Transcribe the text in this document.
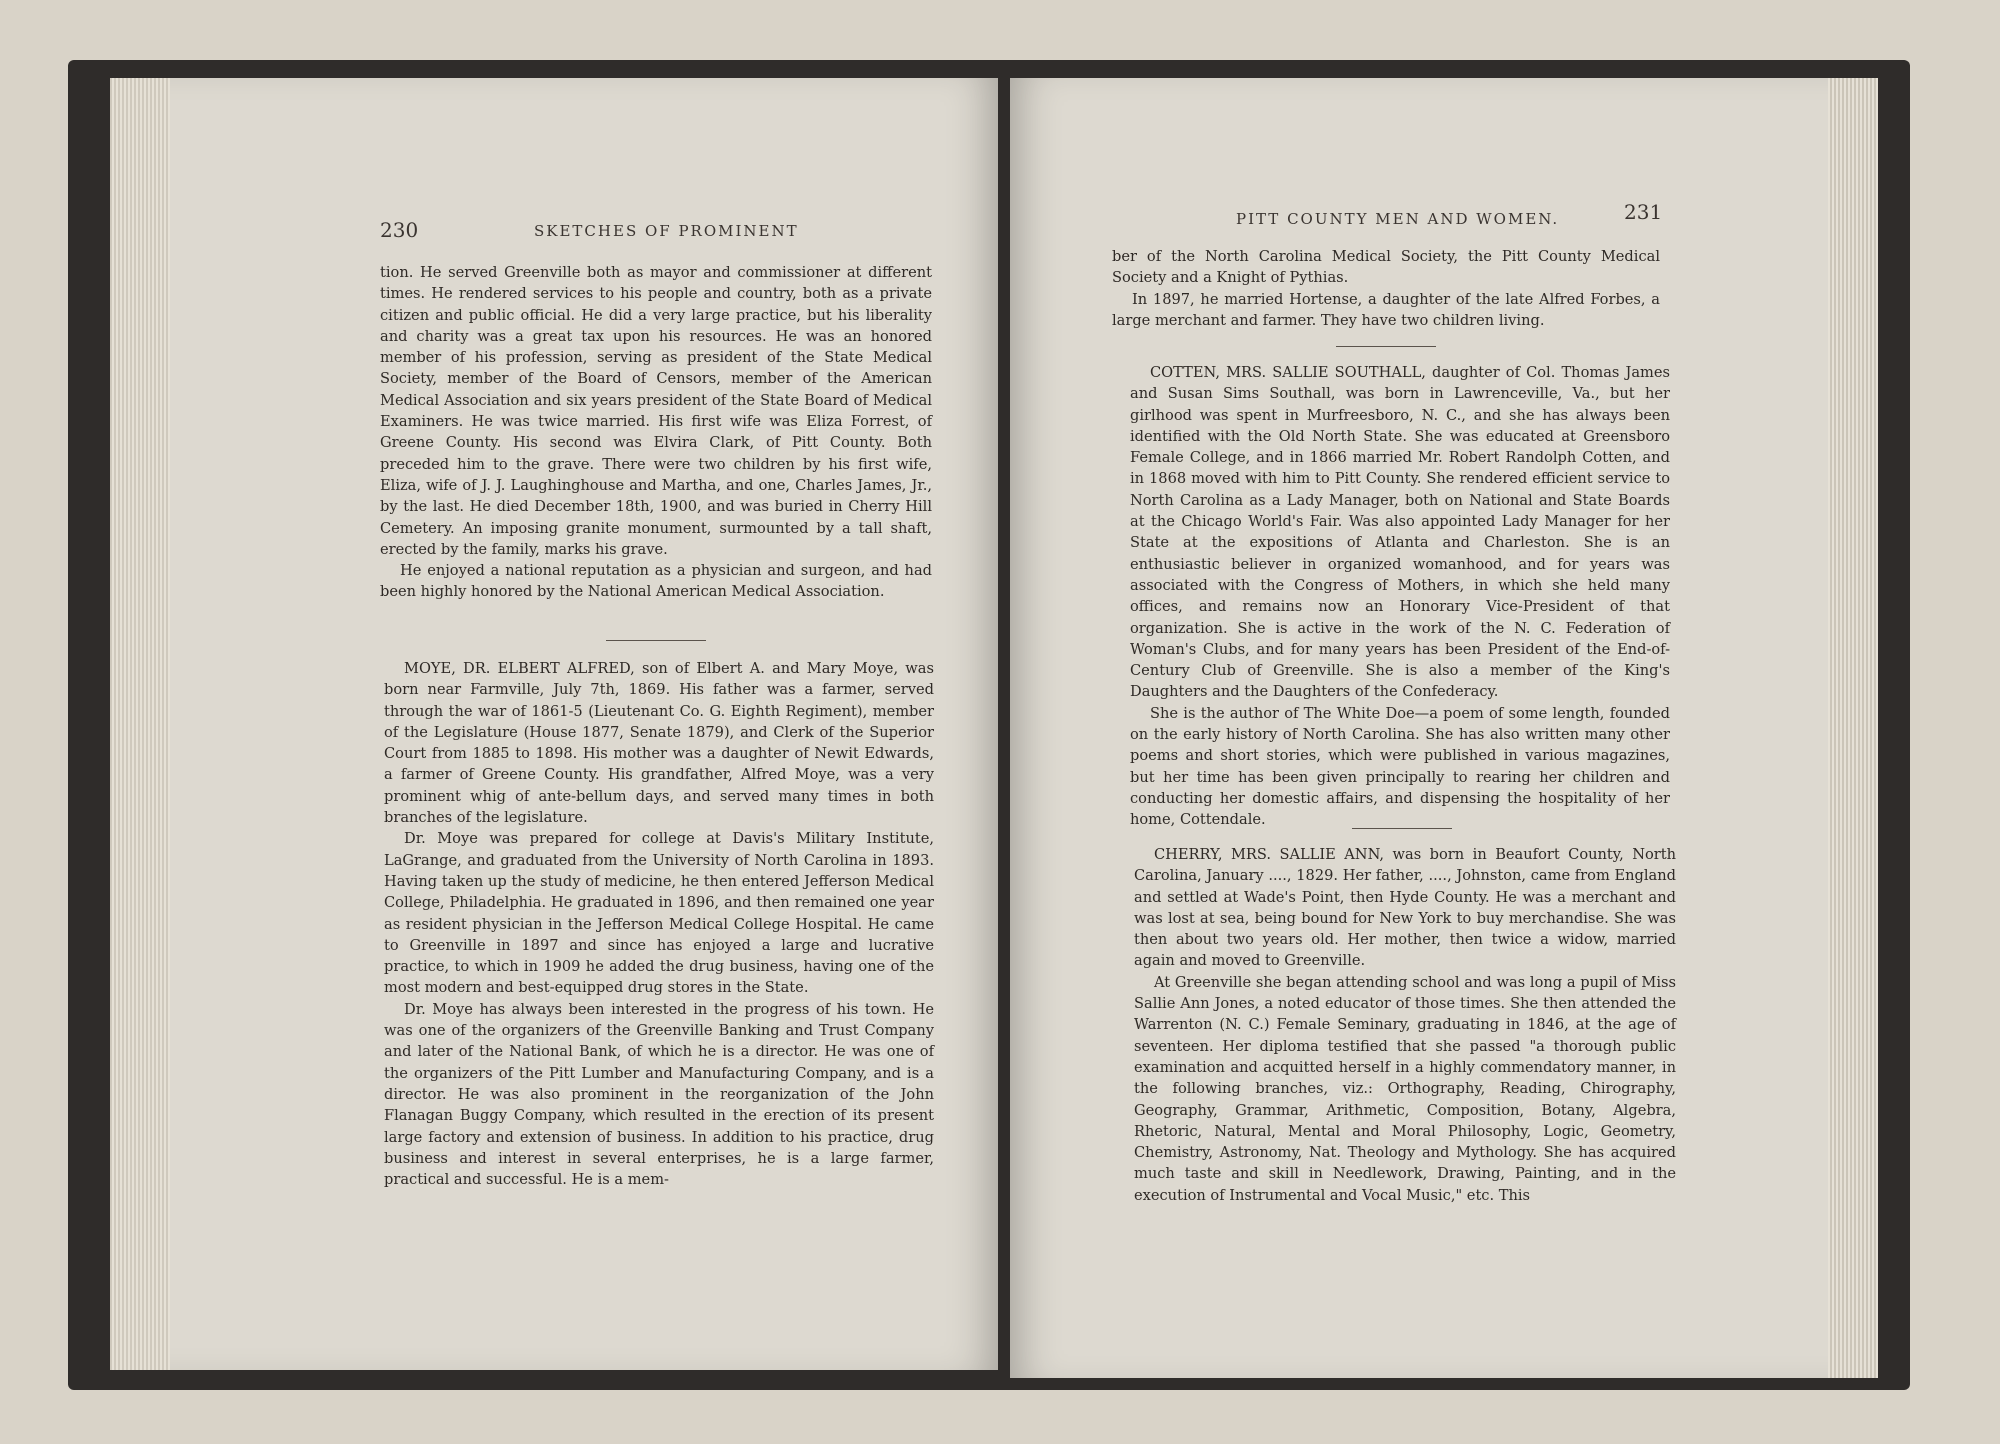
230	SKETCHES OF PROMINENT

tion. He served Greenville both as mayor and commissioner at different times. He rendered services to his people and country, both as a private citizen and public official. He did a very large practice, but his liberality and charity was a great tax upon his resources. He was an honored member of his profession, serving as president of the State Medical Society, member of the Board of Censors, member of the American Medical Association and six years president of the State Board of Medical Examiners. He was twice married. His first wife was Eliza Forrest, of Greene County. His second was Elvira Clark, of Pitt County. Both preceded him to the grave. There were two children by his first wife, Eliza, wife of J. J. Laughinghouse and Martha, and one, Charles James, Jr., by the last. He died December 18th, 1900, and was buried in Cherry Hill Cemetery. An imposing granite monument, surmounted by a tall shaft, erected by the family, marks his grave.

He enjoyed a national reputation as a physician and surgeon, and had been highly honored by the National American Medical Association.

MOYE, DR. ELBERT ALFRED, son of Elbert A. and Mary Moye, was born near Farmville, July 7th, 1869. His father was a farmer, served through the war of 1861-5 (Lieutenant Co. G. Eighth Regiment), member of the Legislature (House 1877, Senate 1879), and Clerk of the Superior Court from 1885 to 1898. His mother was a daughter of Newit Edwards, a farmer of Greene County. His grandfather, Alfred Moye, was a very prominent whig of ante-bellum days, and served many times in both branches of the legislature.

Dr. Moye was prepared for college at Davis's Military Institute, LaGrange, and graduated from the University of North Carolina in 1893. Having taken up the study of medicine, he then entered Jefferson Medical College, Philadelphia. He graduated in 1896, and then remained one year as resident physician in the Jefferson Medical College Hospital. He came to Greenville in 1897 and since has enjoyed a large and lucrative practice, to which in 1909 he added the drug business, having one of the most modern and best-equipped drug stores in the State.

Dr. Moye has always been interested in the progress of his town. He was one of the organizers of the Greenville Banking and Trust Company and later of the National Bank, of which he is a director. He was one of the organizers of the Pitt Lumber and Manufacturing Company, and is a director. He was also prominent in the reorganization of the John Flanagan Buggy Company, which resulted in the erection of its present large factory and extension of business. In addition to his practice, drug business and interest in several enterprises, he is a large farmer, practical and successful. He is a mem-

PITT COUNTY MEN AND WOMEN.	231

ber of the North Carolina Medical Society, the Pitt County Medical Society and a Knight of Pythias.

In 1897, he married Hortense, a daughter of the late Alfred Forbes, a large merchant and farmer. They have two children living.

COTTEN, MRS. SALLIE SOUTHALL, daughter of Col. Thomas James and Susan Sims Southall, was born in Lawrenceville, Va., but her girlhood was spent in Murfreesboro, N. C., and she has always been identified with the Old North State. She was educated at Greensboro Female College, and in 1866 married Mr. Robert Randolph Cotten, and in 1868 moved with him to Pitt County. She rendered efficient service to North Carolina as a Lady Manager, both on National and State Boards at the Chicago World's Fair. Was also appointed Lady Manager for her State at the expositions of Atlanta and Charleston. She is an enthusiastic believer in organized womanhood, and for years was associated with the Congress of Mothers, in which she held many offices, and remains now an Honorary Vice-President of that organization. She is active in the work of the N. C. Federation of Woman's Clubs, and for many years has been President of the End-of-Century Club of Greenville. She is also a member of the King's Daughters and the Daughters of the Confederacy.

She is the author of The White Doe—a poem of some length, founded on the early history of North Carolina. She has also written many other poems and short stories, which were published in various magazines, but her time has been given principally to rearing her children and conducting her domestic affairs, and dispensing the hospitality of her home, Cottendale.

CHERRY, MRS. SALLIE ANN, was born in Beaufort County, North Carolina, January ...., 1829. Her father, ...., Johnston, came from England and settled at Wade's Point, then Hyde County. He was a merchant and was lost at sea, being bound for New York to buy merchandise. She was then about two years old. Her mother, then twice a widow, married again and moved to Greenville.

At Greenville she began attending school and was long a pupil of Miss Sallie Ann Jones, a noted educator of those times. She then attended the Warrenton (N. C.) Female Seminary, graduating in 1846, at the age of seventeen. Her diploma testified that she passed "a thorough public examination and acquitted herself in a highly commendatory manner, in the following branches, viz.: Orthography, Reading, Chirography, Geography, Grammar, Arithmetic, Composition, Botany, Algebra, Rhetoric, Natural, Mental and Moral Philosophy, Logic, Geometry, Chemistry, Astronomy, Nat. Theology and Mythology. She has acquired much taste and skill in Needlework, Drawing, Painting, and in the execution of Instrumental and Vocal Music," etc. This
